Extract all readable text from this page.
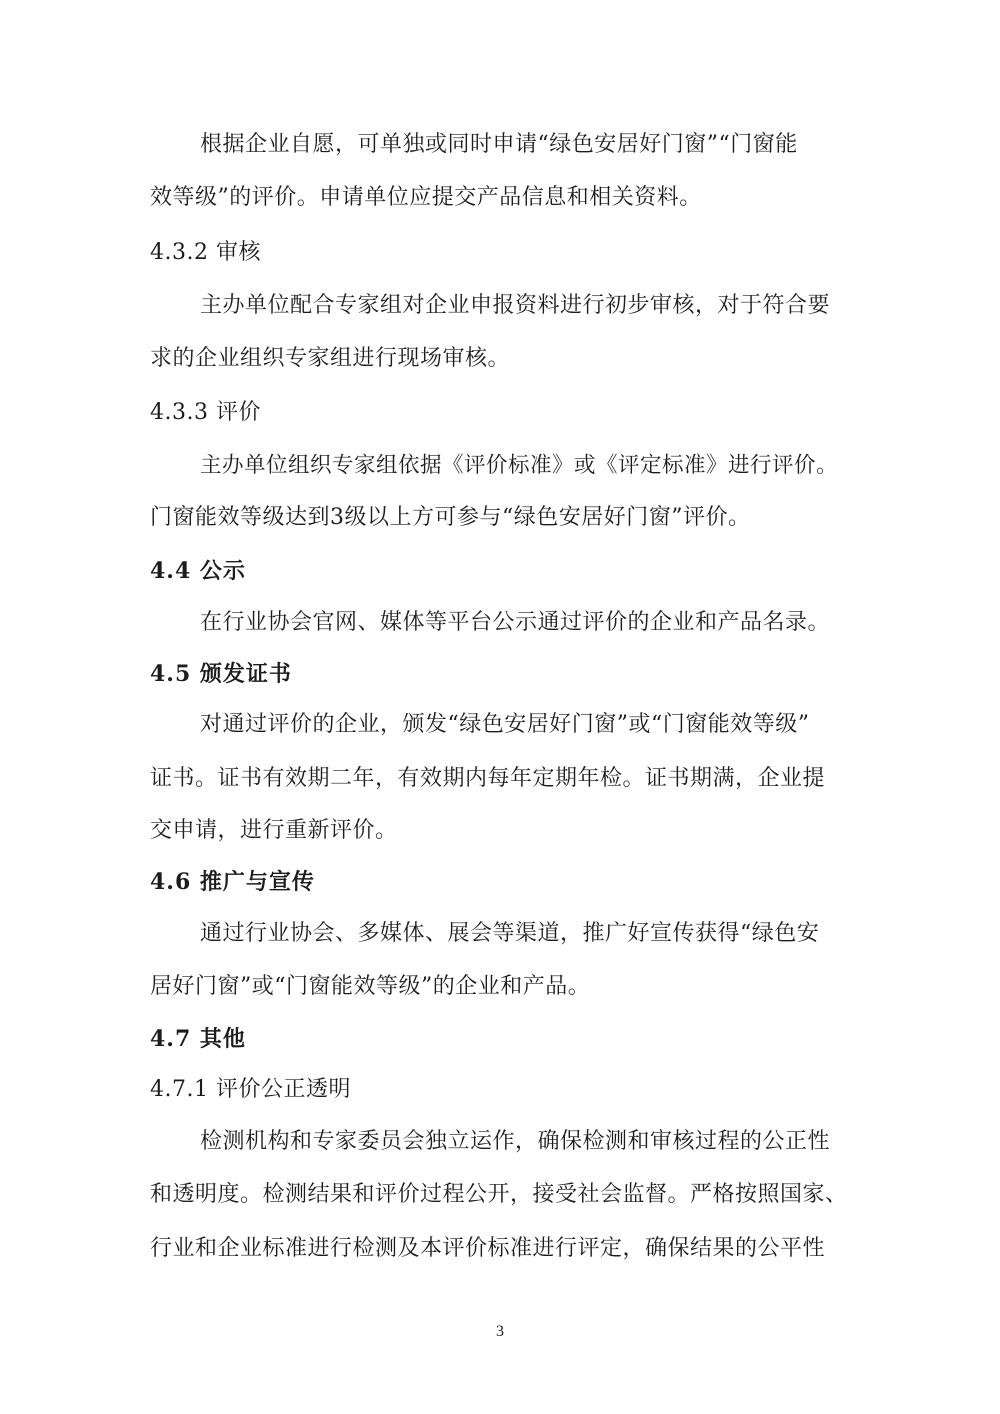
根据企业自愿，可单独或同时申请“绿色安居好门窗”“门窗能
效等级”的评价。申请单位应提交产品信息和相关资料。
4.3.2 审核
主办单位配合专家组对企业申报资料进行初步审核，对于符合要
求的企业组织专家组进行现场审核。
4.3.3 评价
主办单位组织专家组依据《评价标准》或《评定标准》进行评价。
门窗能效等级达到3级以上方可参与“绿色安居好门窗”评价。
4.4 公示
在行业协会官网、媒体等平台公示通过评价的企业和产品名录。
4.5 颁发证书
对通过评价的企业，颁发“绿色安居好门窗”或“门窗能效等级”
证书。证书有效期二年，有效期内每年定期年检。证书期满，企业提
交申请，进行重新评价。
4.6 推广与宣传
通过行业协会、多媒体、展会等渠道，推广好宣传获得“绿色安
居好门窗”或“门窗能效等级”的企业和产品。
4.7 其他
4.7.1 评价公正透明
检测机构和专家委员会独立运作，确保检测和审核过程的公正性
和透明度。检测结果和评价过程公开，接受社会监督。严格按照国家、
行业和企业标准进行检测及本评价标准进行评定，确保结果的公平性
3
